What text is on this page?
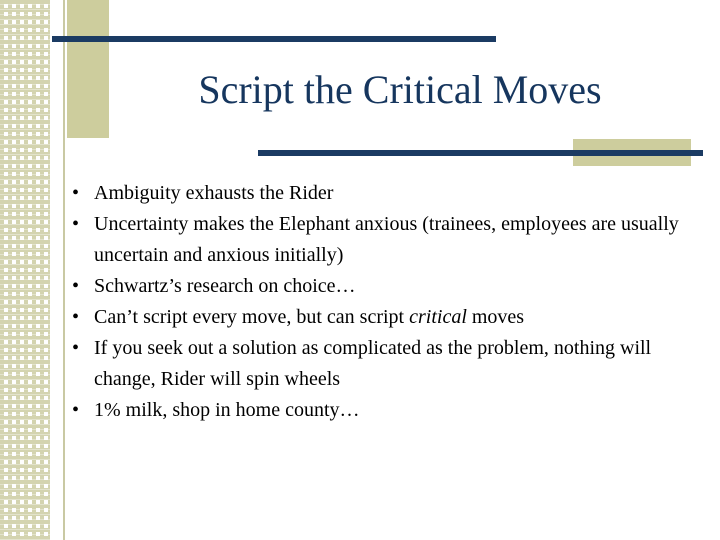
Script the Critical Moves
• Ambiguity exhausts the Rider
• Uncertainty makes the Elephant anxious (trainees, employees are usually uncertain and anxious initially)
• Schwartz’s research on choice…
• Can’t script every move, but can script critical moves
• If you seek out a solution as complicated as the problem, nothing will change, Rider will spin wheels
• 1% milk, shop in home county…
